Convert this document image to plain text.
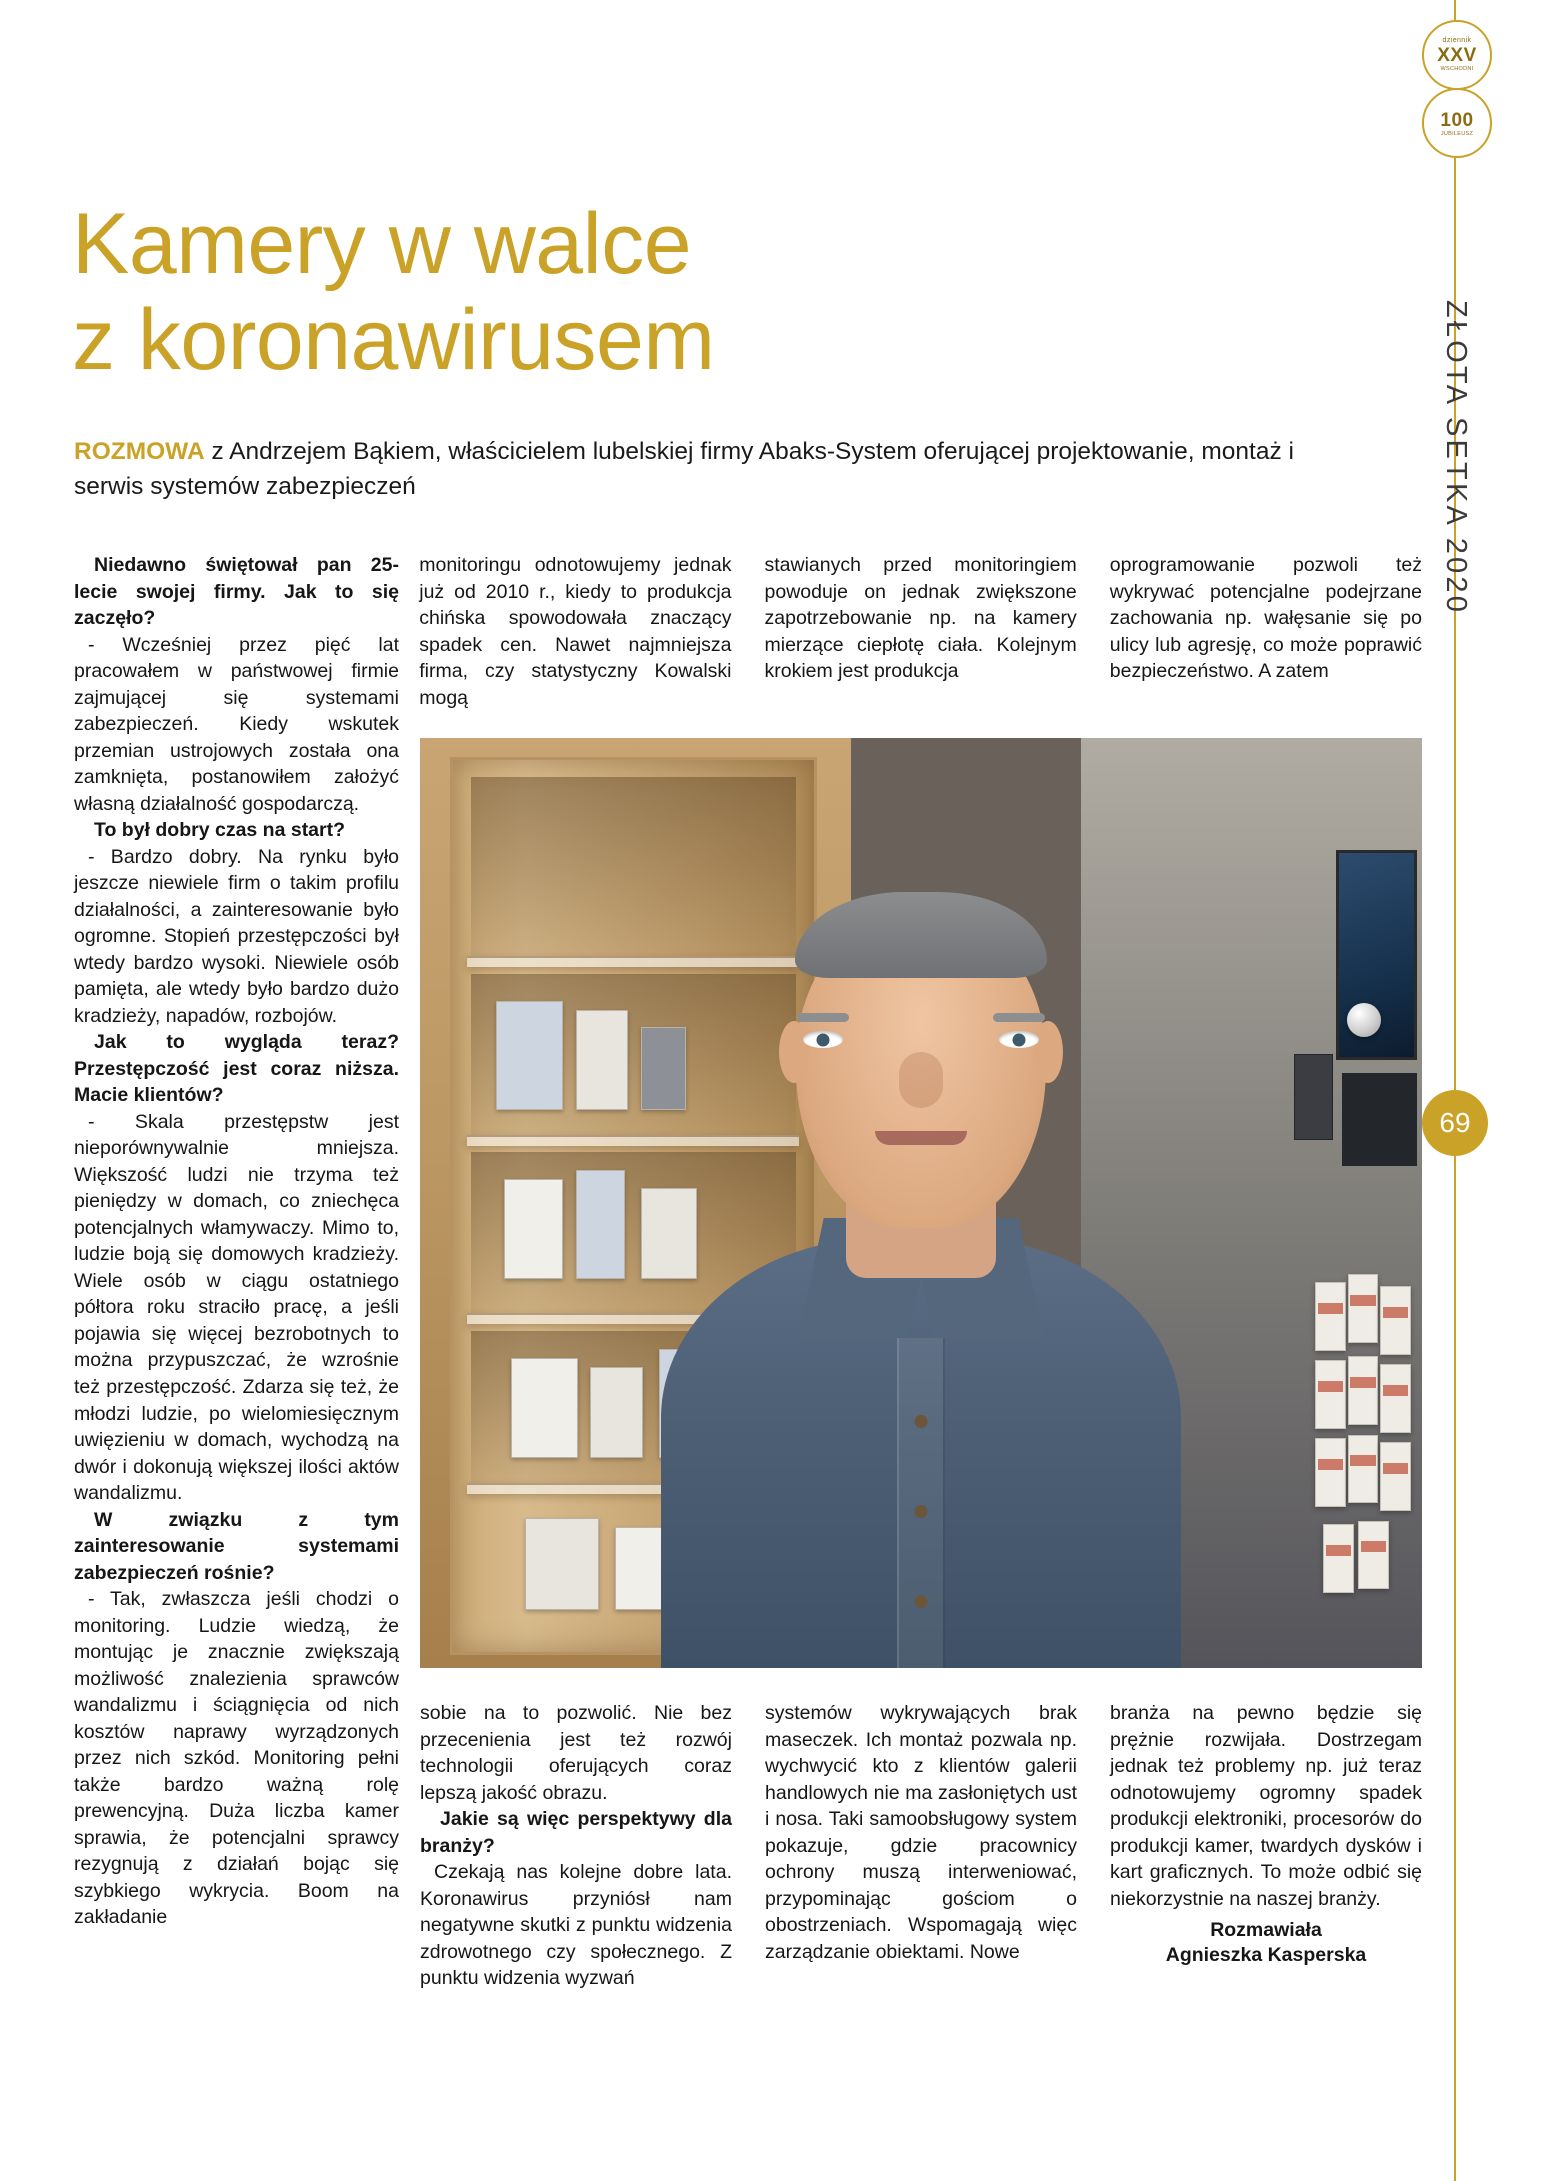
Kamery w walce
z koronawirusem
ROZMOWA z Andrzejem Bąkiem, właścicielem lubelskiej firmy Abaks-System oferującej projektowanie, montaż i serwis systemów zabezpieczeń

Niedawno świętował pan 25-lecie swojej firmy. Jak to się zaczęło?

- Wcześniej przez pięć lat pracowałem w państwowej firmie zajmującej się systemami zabezpieczeń. Kiedy wskutek przemian ustrojowych została ona zamknięta, postanowiłem założyć własną działalność gospodarczą.

To był dobry czas na start?

- Bardzo dobry. Na rynku było jeszcze niewiele firm o takim profilu działalności, a zainteresowanie było ogromne. Stopień przestępczości był wtedy bardzo wysoki. Niewiele osób pamięta, ale wtedy było bardzo dużo kradzieży, napadów, rozbojów.

Jak to wygląda teraz? Przestępczość jest coraz niższa. Macie klientów?

- Skala przestępstw jest nieporównywalnie mniejsza. Większość ludzi nie trzyma też pieniędzy w domach, co zniechęca potencjalnych włamywaczy. Mimo to, ludzie boją się domowych kradzieży. Wiele osób w ciągu ostatniego półtora roku straciło pracę, a jeśli pojawia się więcej bezrobotnych to można przypuszczać, że wzrośnie też przestępczość. Zdarza się też, że młodzi ludzie, po wielomiesięcznym uwięzieniu w domach, wychodzą na dwór i dokonują większej ilości aktów wandalizmu.

W związku z tym zainteresowanie systemami zabezpieczeń rośnie?

- Tak, zwłaszcza jeśli chodzi o monitoring. Ludzie wiedzą, że montując je znacznie zwiększają możliwość znalezienia sprawców wandalizmu i ściągnięcia od nich kosztów naprawy wyrządzonych przez nich szkód. Monitoring pełni także bardzo ważną rolę prewencyjną. Duża liczba kamer sprawia, że potencjalni sprawcy rezygnują z działań bojąc się szybkiego wykrycia. Boom na zakładanie

monitoringu odnotowujemy jednak już od 2010 r., kiedy to produkcja chińska spowodowała znaczący spadek cen. Nawet najmniejsza firma, czy statystyczny Kowalski mogą

stawianych przed monitoringiem powoduje on jednak zwiększone zapotrzebowanie np. na kamery mierzące ciepłotę ciała. Kolejnym krokiem jest produkcja

oprogramowanie pozwoli też wykrywać potencjalne podejrzane zachowania np. wałęsanie się po ulicy lub agresję, co może poprawić bezpieczeństwo. A zatem

sobie na to pozwolić. Nie bez przecenienia jest też rozwój technologii oferujących coraz lepszą jakość obrazu.

Jakie są więc perspektywy dla branży?

Czekają nas kolejne dobre lata. Koronawirus przyniósł nam negatywne skutki z punktu widzenia zdrowotnego czy społecznego. Z punktu widzenia wyzwań

systemów wykrywających brak maseczek. Ich montaż pozwala np. wychwycić kto z klientów galerii handlowych nie ma zasłoniętych ust i nosa. Taki samoobsługowy system pokazuje, gdzie pracownicy ochrony muszą interweniować, przypominając gościom o obostrzeniach. Wspomagają więc zarządzanie obiektami. Nowe

branża na pewno będzie się prężnie rozwijała. Dostrzegam jednak też problemy np. już teraz odnotowujemy ogromny spadek produkcji elektroniki, procesorów do produkcji kamer, twardych dysków i kart graficznych. To może odbić się niekorzystnie na naszej branży.

Rozmawiała
Agnieszka Kasperska
dziennik
XXV
WSCHODNI
100
JUBILEUSZ
ZŁOTA SETKA 2020
69
